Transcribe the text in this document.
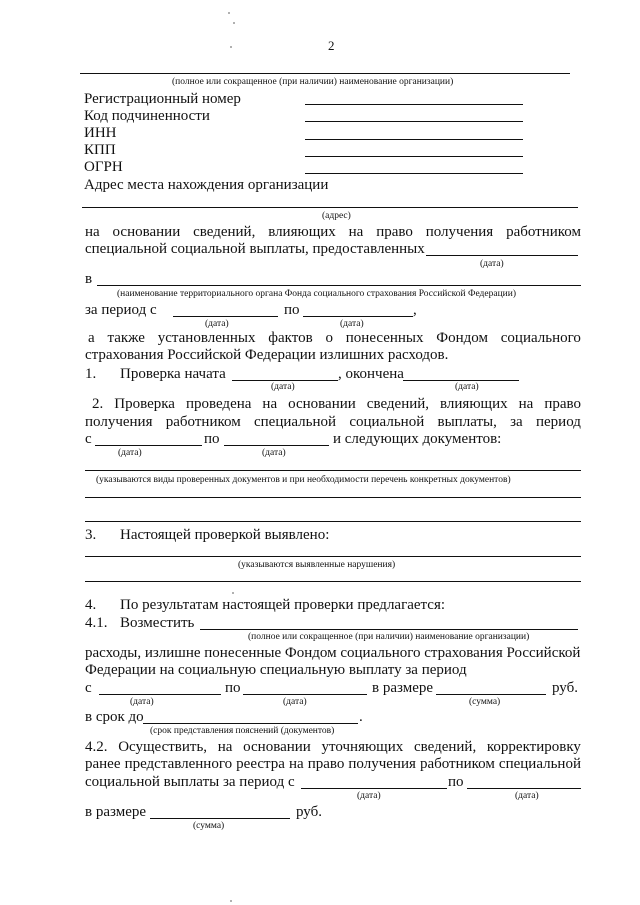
2
(полное или сокращенное (при наличии) наименование организации)
Регистрационный номер
Код подчиненности
ИНН
КПП
ОГРН
Адрес места нахождения организации
(адрес)
на основании сведений, влияющих на право получения работником
специальной социальной выплаты, предоставленных
(дата)
в
(наименование территориального органа Фонда социального страхования Российской Федерации)
за период с	по	,
(дата)	(дата)
а также установленных фактов о понесенных Фондом социального
страхования Российской Федерации излишних расходов.
1. Проверка начата	, окончена
(дата)	(дата)
2. Проверка проведена на основании сведений, влияющих на право
получения работником специальной социальной выплаты, за период
с	по	и следующих документов:
(дата)	(дата)
(указываются виды проверенных документов и при необходимости перечень конкретных документов)
3. Настоящей проверкой выявлено:
(указываются выявленные нарушения)
4. По результатам настоящей проверки предлагается:
4.1. Возместить
(полное или сокращенное (при наличии) наименование организации)
расходы, излишне понесенные Фондом социального страхования Российской
Федерации на социальную специальную выплату за период
с	по	в размере	руб.
(дата)	(дата)	(сумма)
в срок до	.
(срок представления пояснений (документов)
4.2. Осуществить, на основании уточняющих сведений, корректировку
ранее представленного реестра на право получения работником специальной
социальной выплаты за период с	по
(дата)	(дата)
в размере	руб.
(сумма)
